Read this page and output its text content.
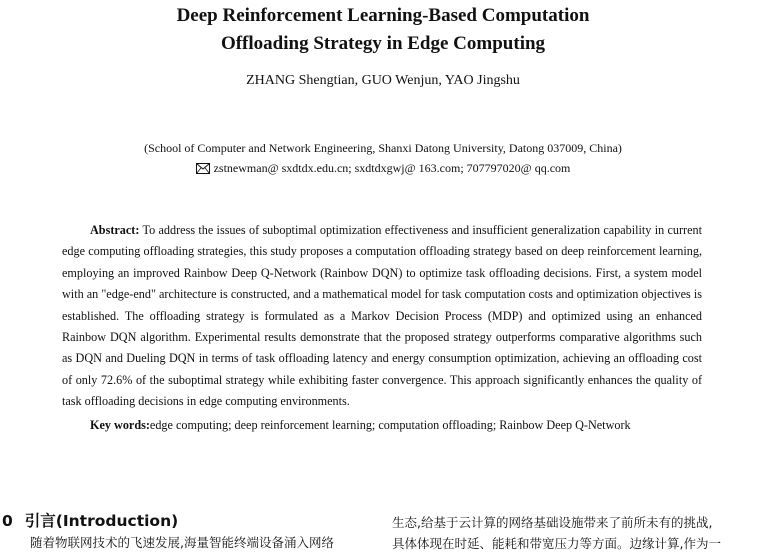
Deep Reinforcement Learning-Based Computation
Offloading Strategy in Edge Computing
ZHANG Shengtian, GUO Wenjun, YAO Jingshu
(School of Computer and Network Engineering, Shanxi Datong University, Datong 037009, China)
zstnewman@ sxdtdx.edu.cn; sxdtdxgwj@ 163.com; 707797020@ qq.com

Abstract: To address the issues of suboptimal optimization effectiveness and insufficient generalization capability in current edge computing offloading strategies, this study proposes a computation offloading strategy based on deep reinforcement learning, employing an improved Rainbow Deep Q-Network (Rainbow DQN) to optimize task offloading decisions. First, a system model with an "edge-end" architecture is constructed, and a mathematical model for task computation costs and optimization objectives is established. The offloading strategy is formulated as a Markov Decision Process (MDP) and optimized using an enhanced Rainbow DQN algorithm. Experimental results demonstrate that the proposed strategy outperforms comparative algorithms such as DQN and Dueling DQN in terms of task offloading latency and energy consumption optimization, achieving an offloading cost of only 72.6% of the suboptimal strategy while exhibiting faster convergence. This approach significantly enhances the quality of task offloading decisions in edge computing environments.

Key words:edge computing; deep reinforcement learning; computation offloading; Rainbow Deep Q-Network

0 引言(Introduction)
随着物联网技术的飞速发展,海量智能终端设备涌入网络
生态,给基于云计算的网络基础设施带来了前所未有的挑战,
具体体现在时延、能耗和带宽压力等方面。边缘计算,作为一
